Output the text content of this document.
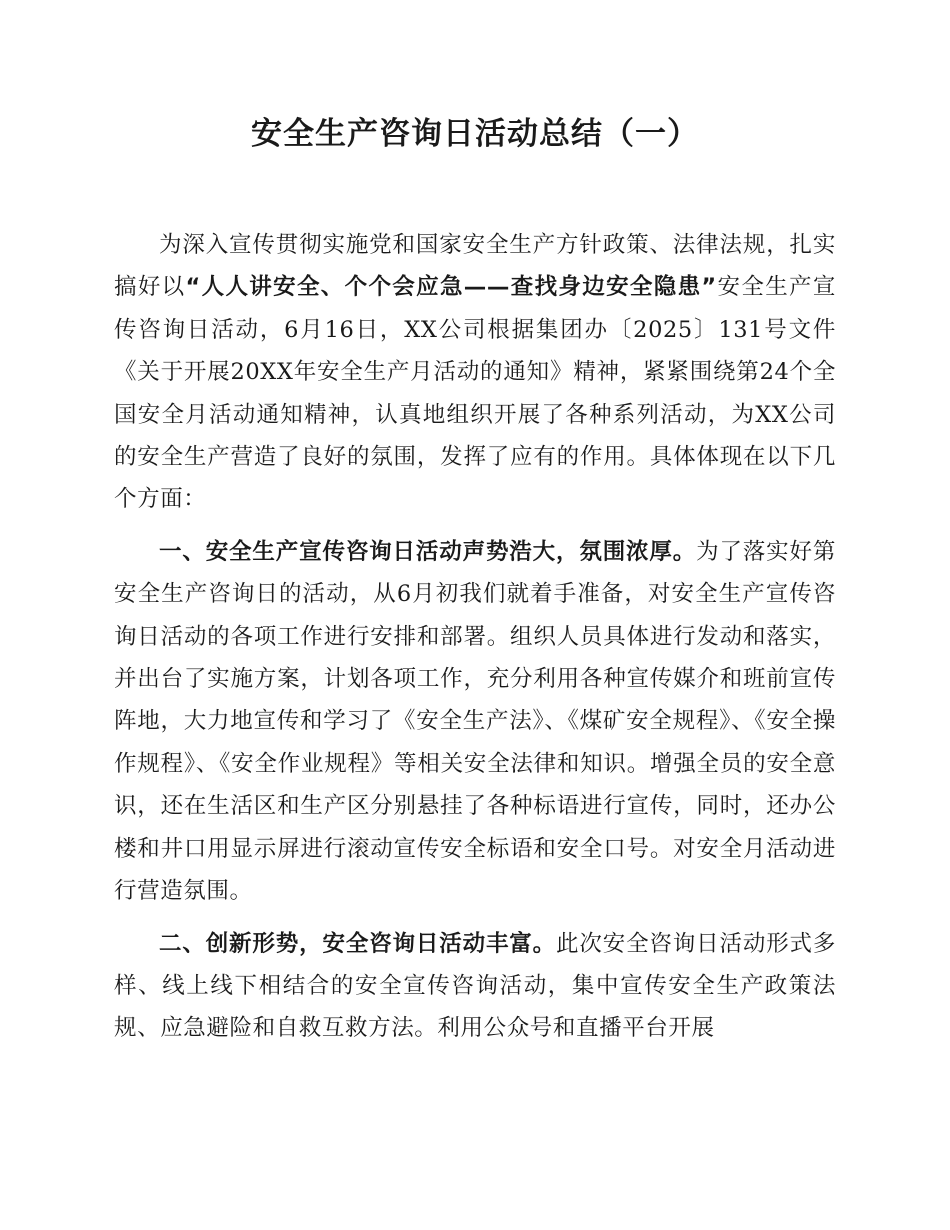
安全生产咨询日活动总结（一）

为深入宣传贯彻实施党和国家安全生产方针政策、法律法规，扎实搞好以“人人讲安全、个个会应急——查找身边安全隐患”安全生产宣传咨询日活动，6月16日，XX公司根据集团办〔2025〕131号文件《关于开展20XX年安全生产月活动的通知》精神，紧紧围绕第24个全国安全月活动通知精神，认真地组织开展了各种系列活动，为XX公司的安全生产营造了良好的氛围，发挥了应有的作用。具体体现在以下几个方面：

一、安全生产宣传咨询日活动声势浩大，氛围浓厚。为了落实好第安全生产咨询日的活动，从6月初我们就着手准备，对安全生产宣传咨询日活动的各项工作进行安排和部署。组织人员具体进行发动和落实，并出台了实施方案，计划各项工作，充分利用各种宣传媒介和班前宣传阵地，大力地宣传和学习了《安全生产法》、《煤矿安全规程》、《安全操作规程》、《安全作业规程》等相关安全法律和知识。增强全员的安全意识，还在生活区和生产区分别悬挂了各种标语进行宣传，同时，还办公楼和井口用显示屏进行滚动宣传安全标语和安全口号。对安全月活动进行营造氛围。

二、创新形势，安全咨询日活动丰富。此次安全咨询日活动形式多样、线上线下相结合的安全宣传咨询活动，集中宣传安全生产政策法规、应急避险和自救互救方法。利用公众号和直播平台开展
